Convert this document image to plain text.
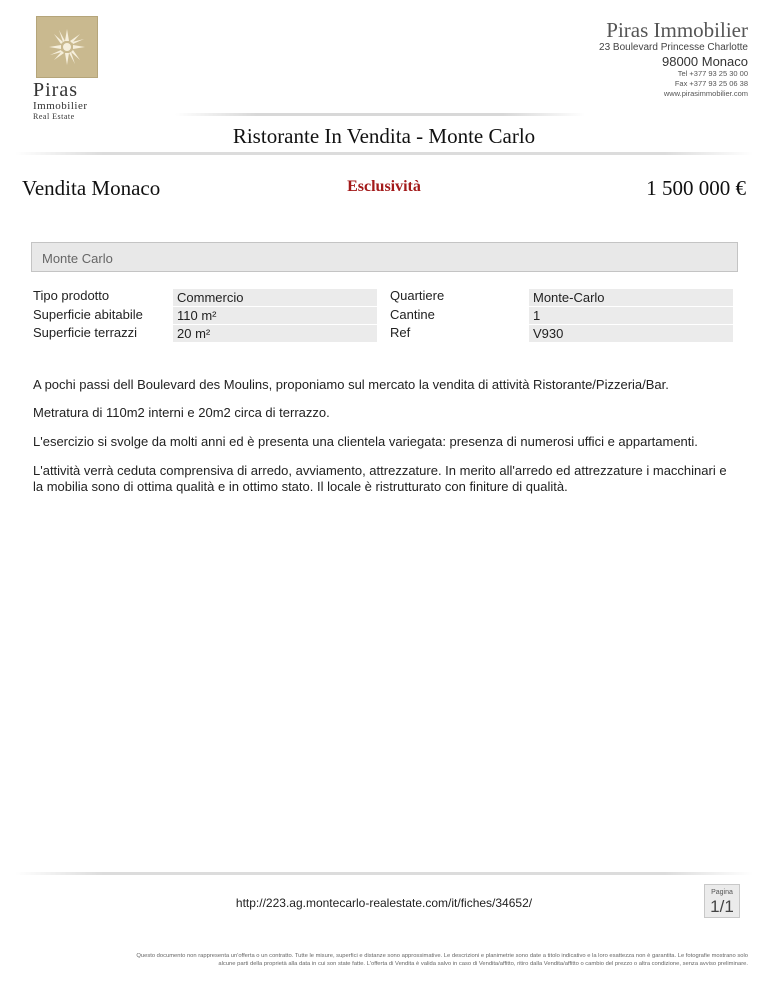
Piras
Immobilier
Real Estate
Piras Immobilier
23 Boulevard Princesse Charlotte
98000 Monaco
Tel +377 93 25 30 00
Fax +377 93 25 06 38
www.pirasimmobilier.com
Ristorante In Vendita - Monte Carlo
Vendita Monaco	Esclusività	1 500 000 €
Monte Carlo
Tipo prodotto	Commercio
Superficie abitabile	110 m²
Superficie terrazzi	20 m²
Quartiere	Monte-Carlo
Cantine	1
Ref	V930
A pochi passi dell Boulevard des Moulins, proponiamo sul mercato la vendita di attività Ristorante/Pizzeria/Bar.
Metratura di 110m2 interni e 20m2 circa di terrazzo.
L'esercizio si svolge da molti anni ed è presenta una clientela variegata: presenza di numerosi uffici e appartamenti.
L'attività verrà ceduta comprensiva di arredo, avviamento, attrezzature. In merito all'arredo ed attrezzature i macchinari e la mobilia sono di ottima qualità e in ottimo stato. Il locale è ristrutturato con finiture di qualità.
http://223.ag.montecarlo-realestate.com/it/fiches/34652/
Pagina
1/1
Questo documento non rappresenta un'offerta o un contratto. Tutte le misure, superfici e distanze sono approssimative. Le descrizioni e planimetrie sono date a titolo indicativo e la loro esattezza non è garantita. Le fotografie mostrano solo alcune parti della proprietà alla data in cui son state fatte. L'offerta di Vendita è valida salvo in caso di Vendita/affitto, ritiro dalla Vendita/affitto o cambio del prezzo o altra condizione, senza avviso preliminare.
